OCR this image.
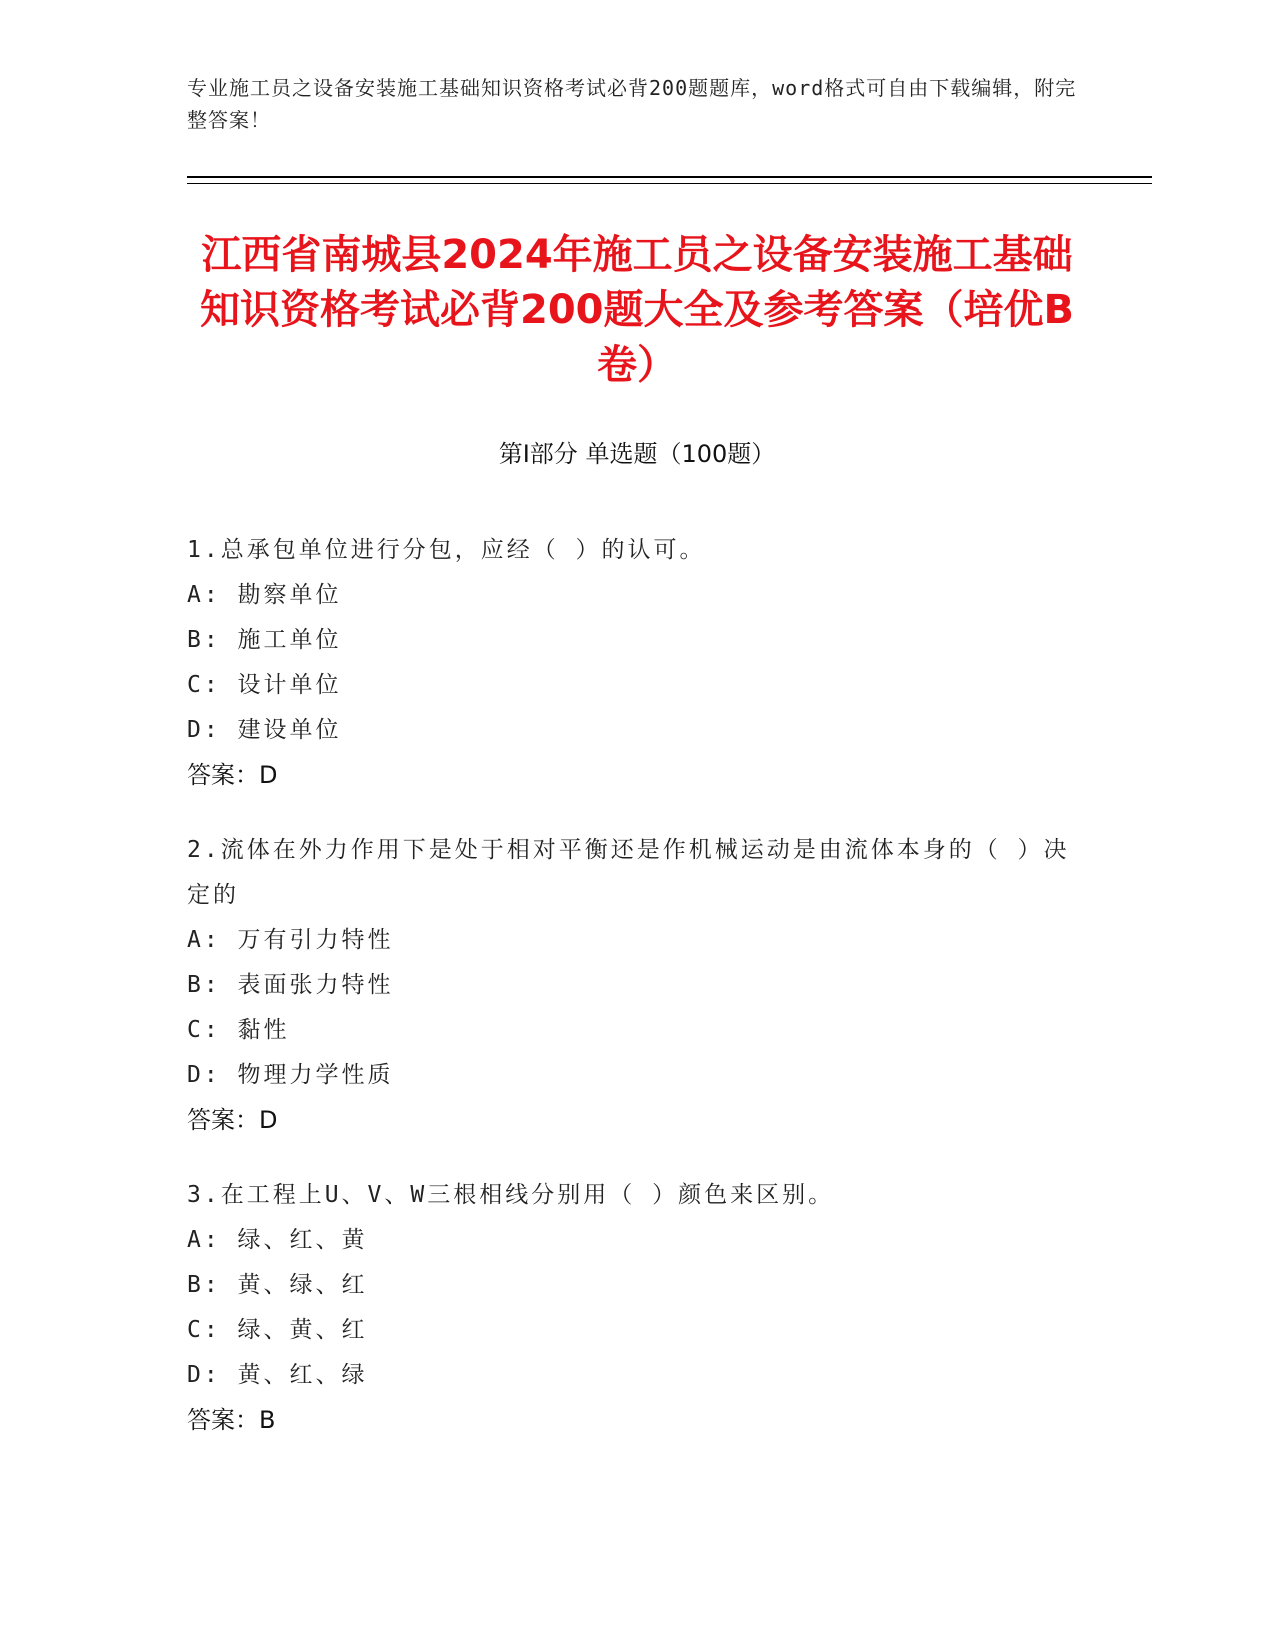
专业施工员之设备安装施工基础知识资格考试必背200题题库，word格式可自由下载编辑，附完整答案！
江西省南城县2024年施工员之设备安装施工基础知识资格考试必背200题大全及参考答案（培优B卷）
第I部分 单选题（100题）
1.总承包单位进行分包，应经（ ）的认可。
A: 勘察单位
B: 施工单位
C: 设计单位
D: 建设单位
答案：D
2.流体在外力作用下是处于相对平衡还是作机械运动是由流体本身的（ ）决定的
A: 万有引力特性
B: 表面张力特性
C: 黏性
D: 物理力学性质
答案：D
3.在工程上U、V、W三根相线分别用（ ）颜色来区别。
A: 绿、红、黄
B: 黄、绿、红
C: 绿、黄、红
D: 黄、红、绿
答案：B
